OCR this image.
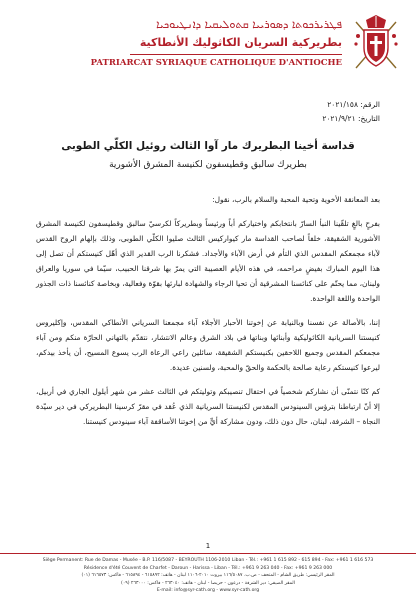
ܦܛܪܝܪܟܘܬܐ ܕܣܘܪܝܝܐ ܩܬܘܠܝܩܝܐ ܕܐܢܛܝܘܟܝܐ
بطريركية السريان الكاثوليك الأنطاكية
PATRIARCAT SYRIAQUE CATHOLIQUE D'ANTIOCHE
الرقم: ٢٠٢١/١٥٨
التاريخ: ٢٠٢١/٩/٢١
قداسة أخينا البطريرك مار آوا الثالث روئيل الكلّي الطوبى
بطريرك سالبق وقطيسفون لكنيسة المشرق الأشورية

بعد المعانقة الأخوية وتحية المحبة والسلام بالرب، نقول:

بفرحٍ بالغٍ تلقّينا النبأ السارّ بانتخابكم واختياركم أباً ورئيساً وبطريركاً لكرسيّ سالبق وقطيسفون لكنيسة المشرق الأشورية الشقيقة، خلفاً لصاحب القداسة مار كيواركيس الثالث صليوا الكلّي الطوبى، وذلك بإلهام الروح القدس لآباء مجمعكم المقدس الذي التأم في أرض الآباء والأجداد. فشكرنا الرب القدير الذي أهّل كنيستكم أن تصل إلى هذا اليوم المبارك بفيضٍ مراحمه، في هذه الأيام العصيبة التي يمرّ بها شرقنا الحبيب، سيّما في سوريا والعراق ولبنان، مما يحتّم على كنائسنا المشرقية أن تحيا الرجاء والشهادة لبارئها بقوّة وفعالية، وبخاصة كنائسنا ذات الجذور الواحدة واللغة الواحدة.

إننا، بالأصالة عن نفسنا وبالنيابة عن إخوتنا الأحبار الأجلاء آباء مجمعنا السرياني الأنطاكي المقدس، وإكليروس كنيستنا السريانية الكاثوليكية وأبنائها وبناتها في بلاد الشرق وعالم الانتشار، نتقدّم بالتهاني الحارّة منكم ومن آباء مجمعكم المقدس وجميع اللاحقين بكنيستكم الشقيقة، سائلين راعي الرعاة الرب يسوع المسيح، أن يأخذ بيدكم، ليرعوا كنيستكم رعاية صالحة بالحكمة والحقّ والمحبة، ولسنين عديدة.

كم كنّا نتمنّى أن نشاركم شخصياً في احتفال تنصيبكم وتوليتكم في الثالث عشر من شهر أيلول الجاري في أربيل، إلا أنّ ارتباطنا بترؤس السينودس المقدس لكنيستنا السريانية الذي عُقد في مقرّ كرسينا البطريركي في دير سيّدة النجاة – الشرفة، لبنان، حال دون ذلك، ودون مشاركة أيٍّ من إخوتنا الأساقفة آباء سينودس كنيستنا.

1
Siège Permanent: Rue de Damas - Musée - B.P. 116/5087 - BEYROUTH 1106-2010 Liban - Tél.: +961 1 615 892 - 615 894 - Fax: +961 1 616 573
Résidence d'été Couvent de Charfet - Daroun - Harissa - Liban - Tél.: +961 9 263 040 - Fax: +961 9 263 000
المقر الرئيسي: طريق الشام - المتحف - ص.ب. ١١٦/٥٠٨٧ بيروت ٢٠١٠-١١٠٦ لبنان - هاتف: ٦١٥٨٩٢ - ٦١٥٨٩٤ - فاكس: ٦١٦٥٧٣ (٠١)
المقر الصيفي: دير الشرفة - درعون - حريصا - لبنان - هاتف: ٢٦٣٠٤٠ - فاكس: ٢٦٣٠٠٠ (٠٩)
E-mail: info@syr-cath.org - www.syr-cath.org
